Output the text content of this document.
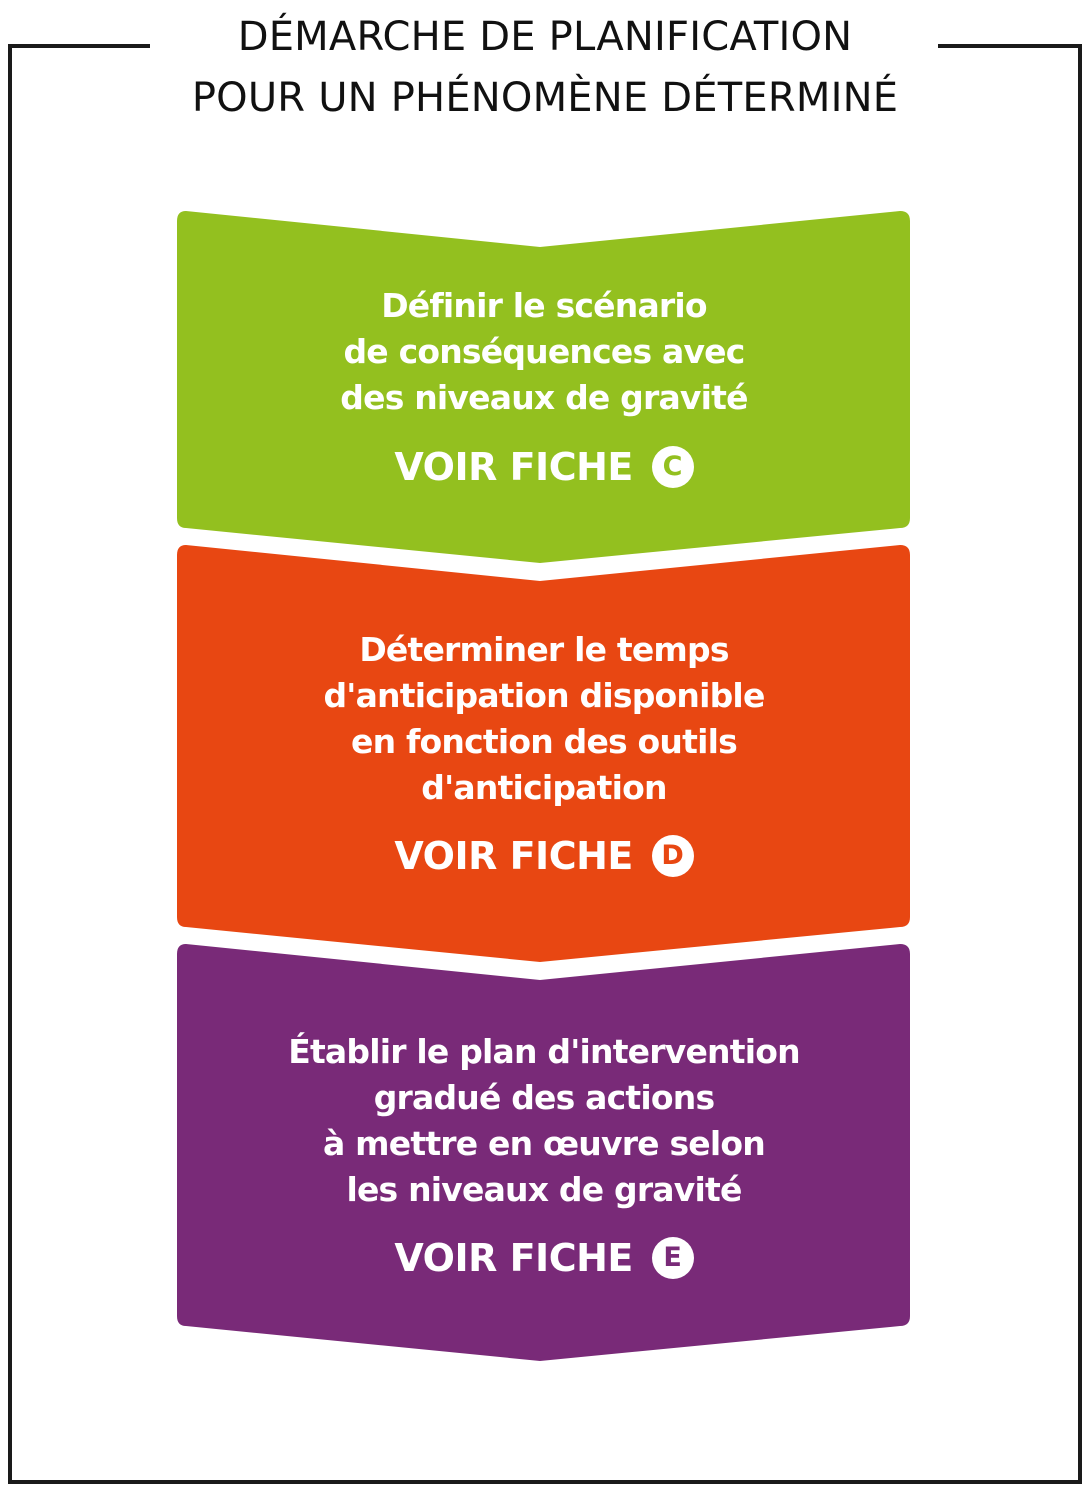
DÉMARCHE DE PLANIFICATION
POUR UN PHÉNOMÈNE DÉTERMINÉ
Définir le scénario
de conséquences avec
des niveaux de gravité
VOIR FICHE C
Déterminer le temps
d'anticipation disponible
en fonction des outils
d'anticipation
VOIR FICHE D
Établir le plan d'intervention
gradué des actions
à mettre en œuvre selon
les niveaux de gravité
VOIR FICHE E
